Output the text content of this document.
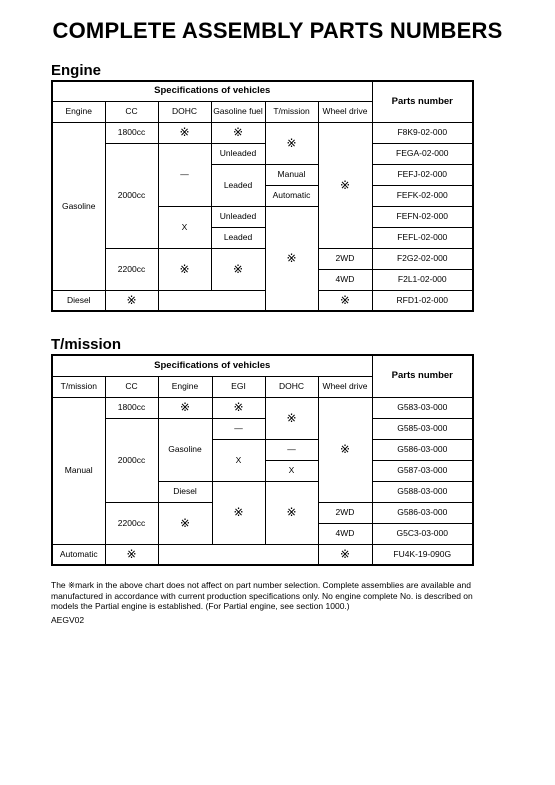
COMPLETE ASSEMBLY PARTS NUMBERS
Engine
Specifications of vehicles						Parts number
Engine	CC	DOHC	Gasoline fuel	T/mission	Wheel drive	
Gasoline	1800cc	※	※	※	※	F8K9-02-000
	2000cc	—	Unleaded			FEGA-02-000
			Leaded	Manual		FEFJ-02-000
				Automatic		FEFK-02-000
		X	Unleaded	※		FEFN-02-000
			Leaded			FEFL-02-000
	2200cc	※	※		2WD	F2G2-02-000
					4WD	F2L1-02-000
Diesel	※				※	RFD1-02-000
T/mission
Specifications of vehicles						Parts number
T/mission	CC	Engine	EGI	DOHC	Wheel drive	
Manual	1800cc	※	※	※	※	G583-03-000
	2000cc	Gasoline	—			G585-03-000
			X	—		G586-03-000
				X		G587-03-000
		Diesel	※	※		G588-03-000
	2200cc	※			2WD	G586-03-000
					4WD	G5C3-03-000
Automatic	※				※	FU4K-19-090G
The ※mark in the above chart does not affect on part number selection. Complete assemblies are available and manufactured in accordance with current production specifications only. No engine complete No. is described on models the Partial engine is established. (For Partial engine, see section 1000.)
AEGV02
